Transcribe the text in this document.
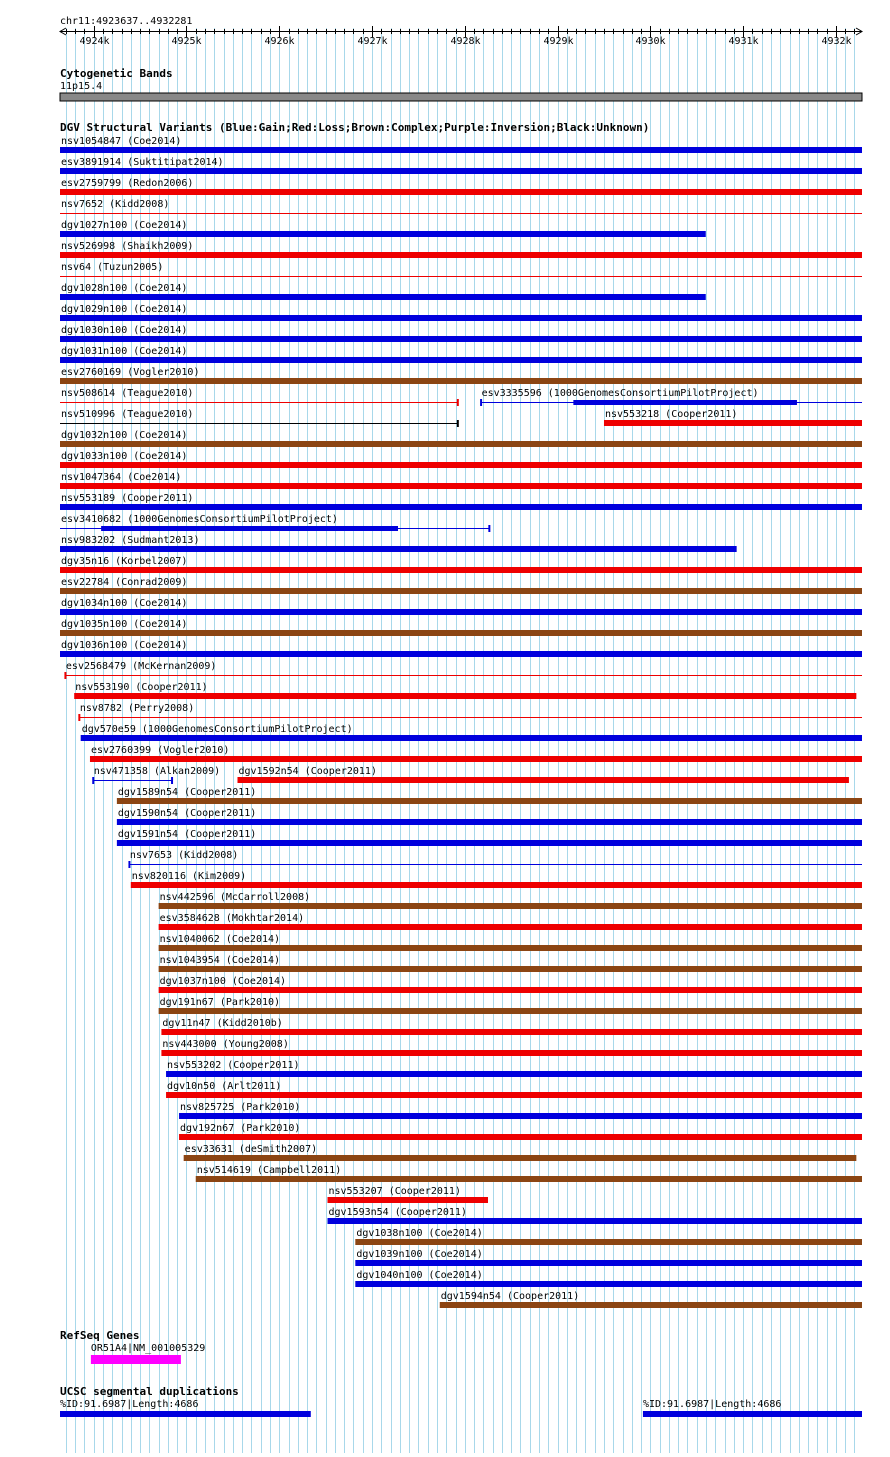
chr11:4923637..4932281
4924k	4925k	4926k	4927k	4928k	4929k	4930k	4931k	4932k
Cytogenetic Bands
11p15.4
DGV Structural Variants (Blue:Gain;Red:Loss;Brown:Complex;Purple:Inversion;Black:Unknown)
nsv1054847 (Coe2014)
esv3891914 (Suktitipat2014)
esv2759799 (Redon2006)
nsv7652 (Kidd2008)
dgv1027n100 (Coe2014)
nsv526998 (Shaikh2009)
nsv64 (Tuzun2005)
dgv1028n100 (Coe2014)
dgv1029n100 (Coe2014)
dgv1030n100 (Coe2014)
dgv1031n100 (Coe2014)
esv2760169 (Vogler2010)
nsv508614 (Teague2010)	esv3335596 (1000GenomesConsortiumPilotProject)
nsv510996 (Teague2010)	nsv553218 (Cooper2011)
dgv1032n100 (Coe2014)
dgv1033n100 (Coe2014)
nsv1047364 (Coe2014)
nsv553189 (Cooper2011)
esv3410682 (1000GenomesConsortiumPilotProject)
nsv983202 (Sudmant2013)
dgv35n16 (Korbel2007)
esv22784 (Conrad2009)
dgv1034n100 (Coe2014)
dgv1035n100 (Coe2014)
dgv1036n100 (Coe2014)
esv2568479 (McKernan2009)
nsv553190 (Cooper2011)
nsv8782 (Perry2008)
dgv570e59 (1000GenomesConsortiumPilotProject)
esv2760399 (Vogler2010)
nsv471358 (Alkan2009) dgv1592n54 (Cooper2011)
dgv1589n54 (Cooper2011)
dgv1590n54 (Cooper2011)
dgv1591n54 (Cooper2011)
nsv7653 (Kidd2008)
nsv820116 (Kim2009)
nsv442596 (McCarroll2008)
esv3584628 (Mokhtar2014)
nsv1040062 (Coe2014)
nsv1043954 (Coe2014)
dgv1037n100 (Coe2014)
dgv191n67 (Park2010)
dgv11n47 (Kidd2010b)
nsv443000 (Young2008)
nsv553202 (Cooper2011)
dgv10n50 (Arlt2011)
nsv825725 (Park2010)
dgv192n67 (Park2010)
esv33631 (deSmith2007)
nsv514619 (Campbell2011)
nsv553207 (Cooper2011)
dgv1593n54 (Cooper2011)
dgv1038n100 (Coe2014)
dgv1039n100 (Coe2014)
dgv1040n100 (Coe2014)
dgv1594n54 (Cooper2011)
RefSeq Genes
OR51A4|NM_001005329
UCSC segmental duplications
%ID:91.6987|Length:4686	%ID:91.6987|Length:4686
